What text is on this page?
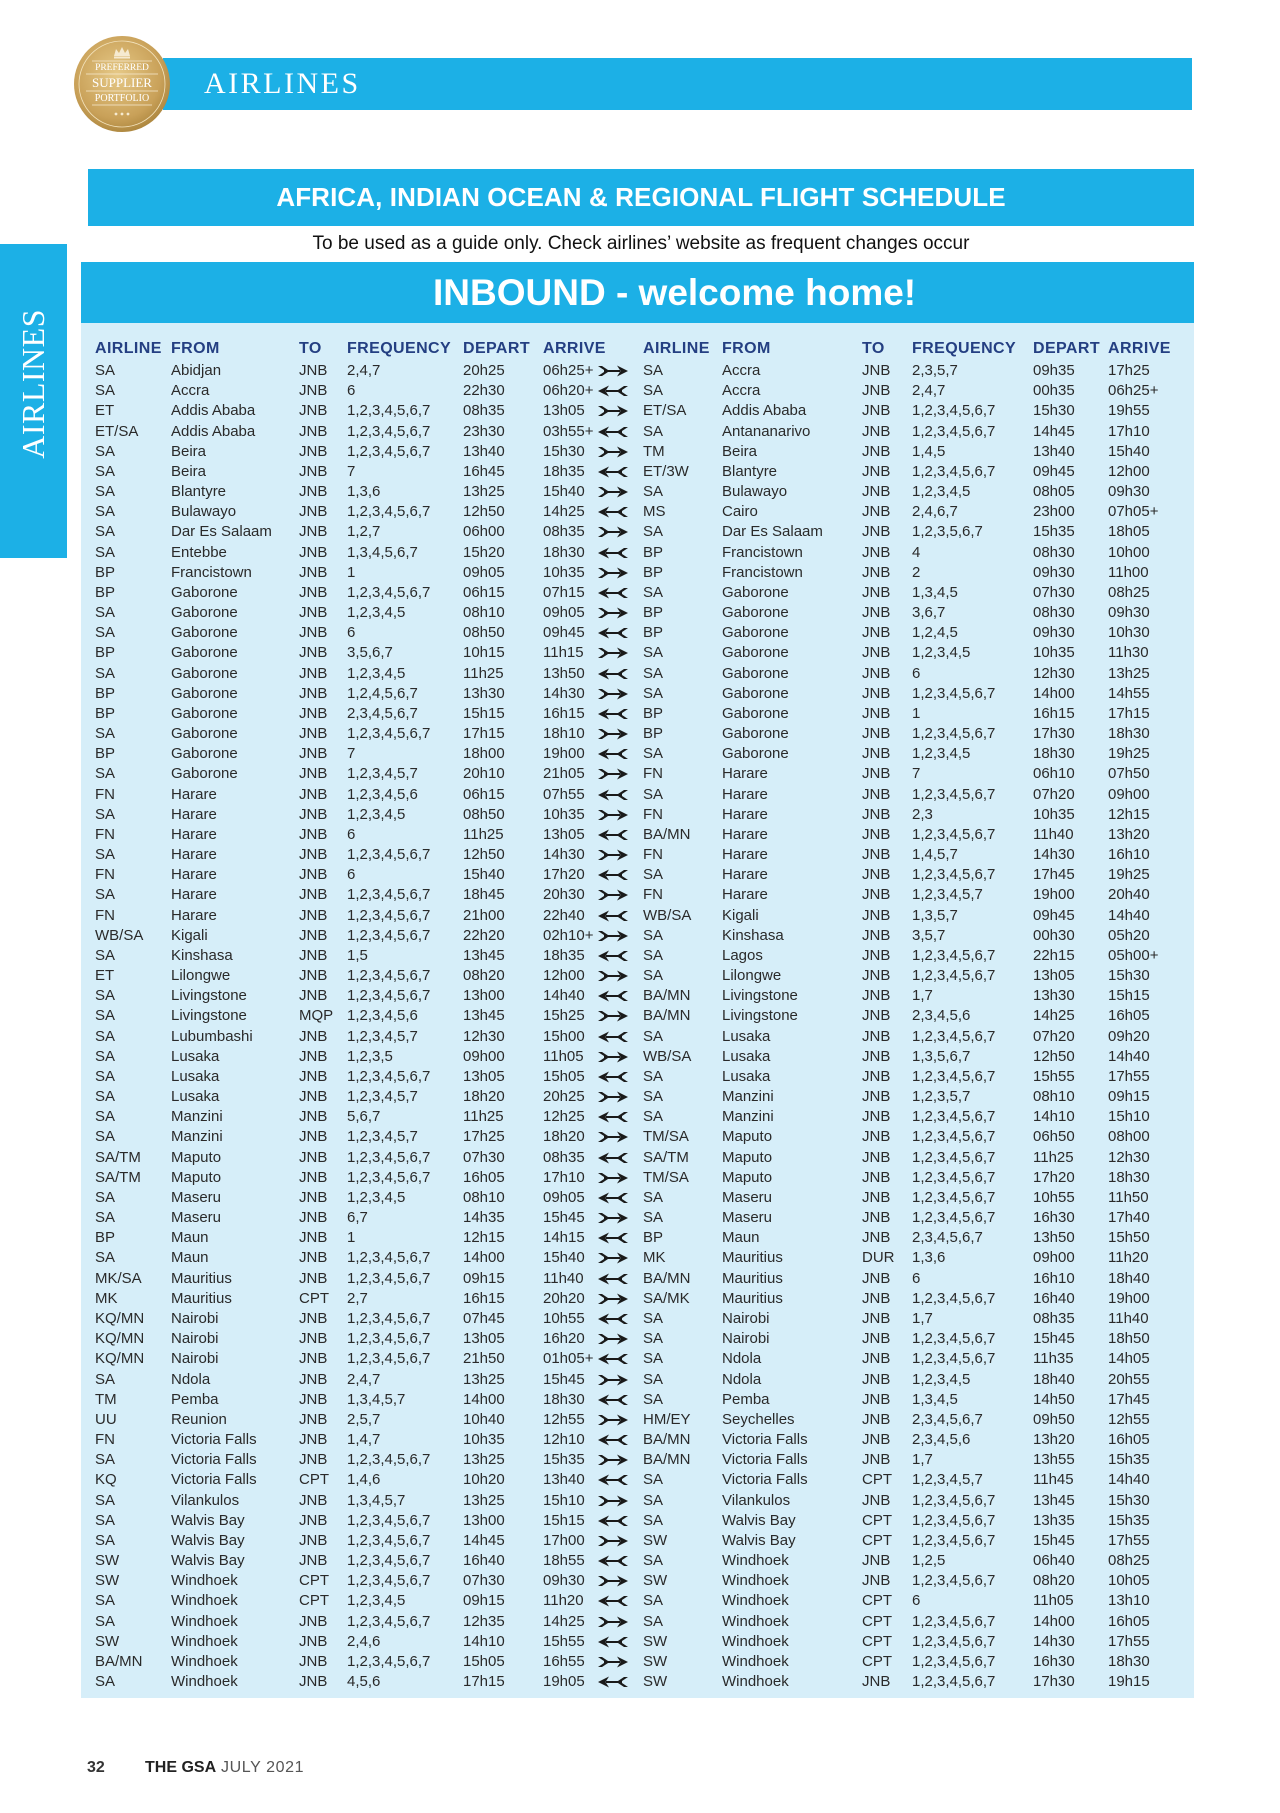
PREFERRED
SUPPLIER
PORTFOLIO AIRLINES
AIRLINES
AFRICA, INDIAN OCEAN & REGIONAL FLIGHT SCHEDULE
To be used as a guide only. Check airlines’ website as frequent changes occur
INBOUND - welcome home!
AIRLINE FROM	TO FREQUENCY DEPART ARRIVE
SA	Abidjan	JNB 2,4,7	20h25	06h25+
SA	Accra	JNB 6	22h30	06h20+
ET	Addis Ababa	JNB 1,2,3,4,5,6,7 08h35	13h05
ET/SA Addis Ababa	JNB 1,2,3,4,5,6,7 23h30	03h55+
SA	Beira	JNB 1,2,3,4,5,6,7 13h40	15h30
SA	Beira	JNB 7	16h45	18h35
SA	Blantyre	JNB 1,3,6	13h25	15h40
SA	Bulawayo	JNB 1,2,3,4,5,6,7 12h50	14h25
SA	Dar Es Salaam JNB 1,2,7	06h00	08h35
SA	Entebbe	JNB 1,3,4,5,6,7	15h20	18h30
BP	Francistown	JNB 1	09h05	10h35
BP	Gaborone	JNB 1,2,3,4,5,6,7 06h15	07h15
SA	Gaborone	JNB 1,2,3,4,5	08h10	09h05
SA	Gaborone	JNB 6	08h50	09h45
BP	Gaborone	JNB 3,5,6,7	10h15	11h15
SA	Gaborone	JNB 1,2,3,4,5	11h25	13h50
BP	Gaborone	JNB 1,2,4,5,6,7	13h30	14h30
BP	Gaborone	JNB 2,3,4,5,6,7	15h15	16h15
SA	Gaborone	JNB 1,2,3,4,5,6,7 17h15	18h10
BP	Gaborone	JNB 7	18h00	19h00
SA	Gaborone	JNB 1,2,3,4,5,7	20h10	21h05
FN	Harare	JNB 1,2,3,4,5,6	06h15	07h55
SA	Harare	JNB 1,2,3,4,5	08h50	10h35
FN	Harare	JNB 6	11h25	13h05
SA	Harare	JNB 1,2,3,4,5,6,7 12h50	14h30
FN	Harare	JNB 6	15h40	17h20
SA	Harare	JNB 1,2,3,4,5,6,7 18h45	20h30
FN	Harare	JNB 1,2,3,4,5,6,7 21h00	22h40
WB/SA Kigali	JNB 1,2,3,4,5,6,7 22h20	02h10+
SA	Kinshasa	JNB 1,5	13h45	18h35
ET	Lilongwe	JNB 1,2,3,4,5,6,7 08h20	12h00
SA	Livingstone	JNB 1,2,3,4,5,6,7 13h00	14h40
SA	Livingstone	MQP 1,2,3,4,5,6	13h45	15h25
SA	Lubumbashi	JNB 1,2,3,4,5,7	12h30	15h00
SA	Lusaka	JNB 1,2,3,5	09h00	11h05
SA	Lusaka	JNB 1,2,3,4,5,6,7 13h05	15h05
SA	Lusaka	JNB 1,2,3,4,5,7	18h20	20h25
SA	Manzini	JNB 5,6,7	11h25	12h25
SA	Manzini	JNB 1,2,3,4,5,7	17h25	18h20
SA/TM Maputo	JNB 1,2,3,4,5,6,7 07h30	08h35
SA/TM Maputo	JNB 1,2,3,4,5,6,7 16h05	17h10
SA	Maseru	JNB 1,2,3,4,5	08h10	09h05
SA	Maseru	JNB 6,7	14h35	15h45
BP	Maun	JNB 1	12h15	14h15
SA	Maun	JNB 1,2,3,4,5,6,7 14h00	15h40
MK/SA Mauritius	JNB 1,2,3,4,5,6,7 09h15	11h40
MK	Mauritius	CPT 2,7	16h15	20h20
KQ/MN Nairobi	JNB 1,2,3,4,5,6,7 07h45	10h55
KQ/MN Nairobi	JNB 1,2,3,4,5,6,7 13h05	16h20
KQ/MN Nairobi	JNB 1,2,3,4,5,6,7 21h50	01h05+
SA	Ndola	JNB 2,4,7	13h25	15h45
TM	Pemba	JNB 1,3,4,5,7	14h00	18h30
UU	Reunion	JNB 2,5,7	10h40	12h55
FN	Victoria Falls	JNB 1,4,7	10h35	12h10
SA	Victoria Falls	JNB 1,2,3,4,5,6,7 13h25	15h35
KQ	Victoria Falls	CPT 1,4,6	10h20	13h40
SA	Vilankulos	JNB 1,3,4,5,7	13h25	15h10
SA	Walvis Bay	JNB 1,2,3,4,5,6,7 13h00	15h15
SA	Walvis Bay	JNB 1,2,3,4,5,6,7 14h45	17h00
SW	Walvis Bay	JNB 1,2,3,4,5,6,7 16h40	18h55
SW	Windhoek	CPT 1,2,3,4,5,6,7 07h30	09h30
SA	Windhoek	CPT 1,2,3,4,5	09h15	11h20
SA	Windhoek	JNB 1,2,3,4,5,6,7 12h35	14h25
SW	Windhoek	JNB 2,4,6	14h10	15h55
BA/MN Windhoek	JNB 1,2,3,4,5,6,7 15h05	16h55
SA	Windhoek	JNB 4,5,6	17h15	19h05
AIRLINE FROM	TO FREQUENCY DEPART ARRIVE
SA	Accra	JNB 2,3,5,7	09h35 17h25
SA	Accra	JNB 2,4,7	00h35 06h25+
ET/SA Addis Ababa	JNB 1,2,3,4,5,6,7	15h30 19h55
SA	Antananarivo	JNB 1,2,3,4,5,6,7	14h45 17h10
TM	Beira	JNB 1,4,5	13h40 15h40
ET/3W Blantyre	JNB 1,2,3,4,5,6,7	09h45 12h00
SA	Bulawayo	JNB 1,2,3,4,5	08h05 09h30
MS	Cairo	JNB 2,4,6,7	23h00 07h05+
SA	Dar Es Salaam	JNB 1,2,3,5,6,7	15h35 18h05
BP	Francistown	JNB 4	08h30 10h00
BP	Francistown	JNB 2	09h30 11h00
SA	Gaborone	JNB 1,3,4,5	07h30 08h25
BP	Gaborone	JNB 3,6,7	08h30 09h30
BP	Gaborone	JNB 1,2,4,5	09h30 10h30
SA	Gaborone	JNB 1,2,3,4,5	10h35 11h30
SA	Gaborone	JNB 6	12h30 13h25
SA	Gaborone	JNB 1,2,3,4,5,6,7	14h00 14h55
BP	Gaborone	JNB 1	16h15 17h15
BP	Gaborone	JNB 1,2,3,4,5,6,7	17h30 18h30
SA	Gaborone	JNB 1,2,3,4,5	18h30 19h25
FN	Harare	JNB 7	06h10 07h50
SA	Harare	JNB 1,2,3,4,5,6,7	07h20 09h00
FN	Harare	JNB 2,3	10h35 12h15
BA/MN Harare	JNB 1,2,3,4,5,6,7	11h40 13h20
FN	Harare	JNB 1,4,5,7	14h30 16h10
SA	Harare	JNB 1,2,3,4,5,6,7	17h45 19h25
FN	Harare	JNB 1,2,3,4,5,7	19h00 20h40
WB/SA Kigali	JNB 1,3,5,7	09h45 14h40
SA	Kinshasa	JNB 3,5,7	00h30 05h20
SA	Lagos	JNB 1,2,3,4,5,6,7	22h15 05h00+
SA	Lilongwe	JNB 1,2,3,4,5,6,7	13h05 15h30
BA/MN Livingstone	JNB 1,7	13h30 15h15
BA/MN Livingstone	JNB 2,3,4,5,6	14h25 16h05
SA	Lusaka	JNB 1,2,3,4,5,6,7	07h20 09h20
WB/SA Lusaka	JNB 1,3,5,6,7	12h50 14h40
SA	Lusaka	JNB 1,2,3,4,5,6,7	15h55 17h55
SA	Manzini	JNB 1,2,3,5,7	08h10 09h15
SA	Manzini	JNB 1,2,3,4,5,6,7	14h10 15h10
TM/SA Maputo	JNB 1,2,3,4,5,6,7	06h50 08h00
SA/TM Maputo	JNB 1,2,3,4,5,6,7	11h25 12h30
TM/SA Maputo	JNB 1,2,3,4,5,6,7	17h20 18h30
SA	Maseru	JNB 1,2,3,4,5,6,7	10h55 11h50
SA	Maseru	JNB 1,2,3,4,5,6,7	16h30 17h40
BP	Maun	JNB 2,3,4,5,6,7	13h50 15h50
MK	Mauritius	DUR 1,3,6	09h00 11h20
BA/MN Mauritius	JNB 6	16h10 18h40
SA/MK Mauritius	JNB 1,2,3,4,5,6,7	16h40 19h00
SA	Nairobi	JNB 1,7	08h35 11h40
SA	Nairobi	JNB 1,2,3,4,5,6,7	15h45 18h50
SA	Ndola	JNB 1,2,3,4,5,6,7	11h35 14h05
SA	Ndola	JNB 1,2,3,4,5	18h40 20h55
SA	Pemba	JNB 1,3,4,5	14h50 17h45
HM/EY Seychelles	JNB 2,3,4,5,6,7	09h50 12h55
BA/MN Victoria Falls	JNB 2,3,4,5,6	13h20 16h05
BA/MN Victoria Falls	JNB 1,7	13h55 15h35
SA	Victoria Falls	CPT 1,2,3,4,5,7	11h45 14h40
SA	Vilankulos	JNB 1,2,3,4,5,6,7	13h45 15h30
SA	Walvis Bay	CPT 1,2,3,4,5,6,7	13h35 15h35
SW	Walvis Bay	CPT 1,2,3,4,5,6,7	15h45 17h55
SA	Windhoek	JNB 1,2,5	06h40 08h25
SW	Windhoek	JNB 1,2,3,4,5,6,7	08h20 10h05
SA	Windhoek	CPT 6	11h05 13h10
SA	Windhoek	CPT 1,2,3,4,5,6,7	14h00 16h05
SW	Windhoek	CPT 1,2,3,4,5,6,7	14h30 17h55
SW	Windhoek	CPT 1,2,3,4,5,6,7	16h30 18h30
SW	Windhoek	JNB 1,2,3,4,5,6,7	17h30 19h15
32	THE GSA JULY 2021
